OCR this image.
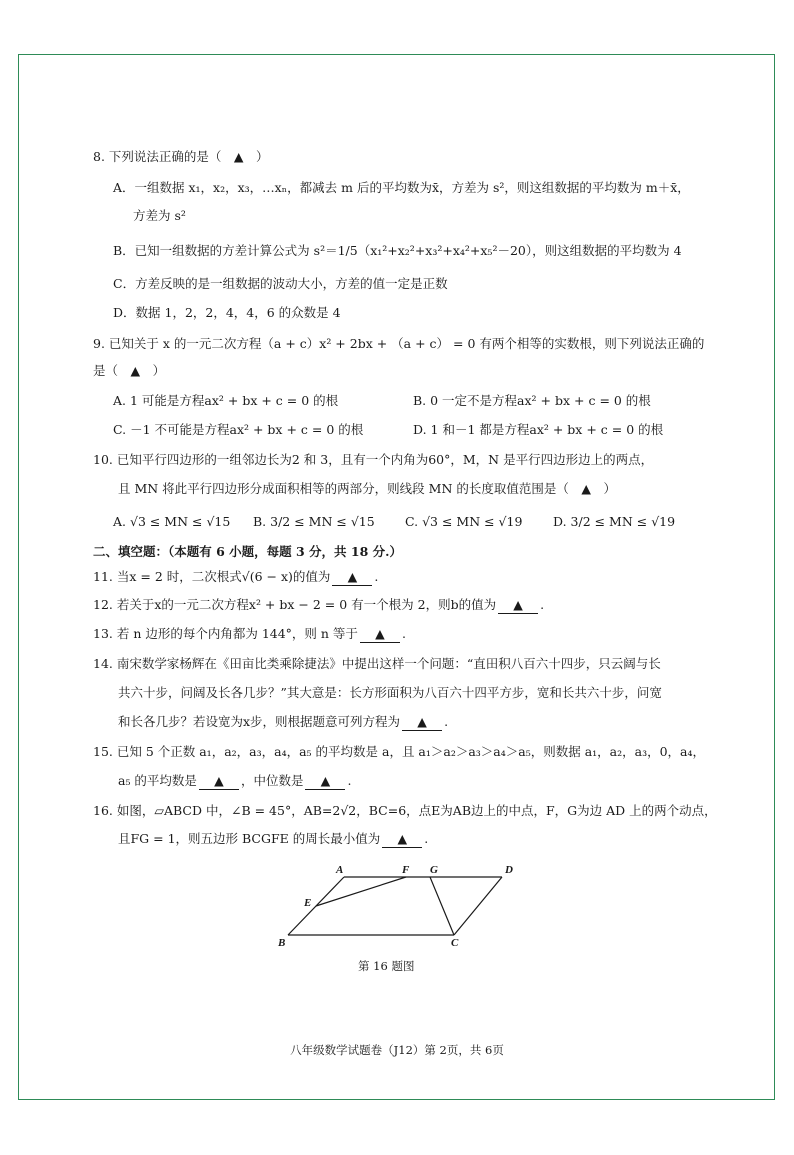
8. 下列说法正确的是（　▲　）
A．一组数据 x₁，x₂，x₃，…xₙ，都减去 m 后的平均数为x̄，方差为 s²，则这组数据的平均数为 m＋x̄，
方差为 s²
B．已知一组数据的方差计算公式为 s²＝1/5（x₁²+x₂²+x₃²+x₄²+x₅²－20），则这组数据的平均数为 4
C．方差反映的是一组数据的波动大小，方差的值一定是正数
D．数据 1，2，2，4，4，6 的众数是 4
9. 已知关于 x 的一元二次方程（a + c）x² + 2bx + （a + c） = 0 有两个相等的实数根，则下列说法正确的
是（　▲　）
A. 1 可能是方程ax² + bx + c = 0 的根	B. 0 一定不是方程ax² + bx + c = 0 的根
C. －1 不可能是方程ax² + bx + c = 0 的根	D. 1 和－1 都是方程ax² + bx + c = 0 的根
10. 已知平行四边形的一组邻边长为2 和 3，且有一个内角为60°，M，N 是平行四边形边上的两点，
且 MN 将此平行四边形分成面积相等的两部分，则线段 MN 的长度取值范围是（　▲　）
A. √3 ≤ MN ≤ √15 B. 3/2 ≤ MN ≤ √15 C. √3 ≤ MN ≤ √19 D. 3/2 ≤ MN ≤ √19
二、填空题：（本题有 6 小题，每题 3 分，共 18 分.）
11. 当x = 2 时，二次根式√(6 − x)的值为 ▲ .
12. 若关于x的一元二次方程x² + bx − 2 = 0 有一个根为 2，则b的值为 ▲ .
13. 若 n 边形的每个内角都为 144°，则 n 等于 ▲ .
14. 南宋数学家杨辉在《田亩比类乘除捷法》中提出这样一个问题：“直田积八百六十四步，只云阔与长
共六十步，问阔及长各几步？”其大意是：长方形面积为八百六十四平方步，宽和长共六十步，问宽
和长各几步？若设宽为x步，则根据题意可列方程为 ▲ .
15. 已知 5 个正数 a₁，a₂，a₃，a₄，a₅ 的平均数是 a，且 a₁＞a₂＞a₃＞a₄＞a₅，则数据 a₁，a₂，a₃，0，a₄，
a₅ 的平均数是 ▲ ，中位数是 ▲ .
16. 如图，▱ABCD 中，∠B = 45°，AB=2√2，BC=6，点E为AB边上的中点，F，G为边 AD 上的两个动点，
且FG = 1，则五边形 BCGFE 的周长最小值为 ▲ .
A	F G	D
E
B	C
第 16 题图
八年级数学试题卷（J12）第 2页，共 6页
